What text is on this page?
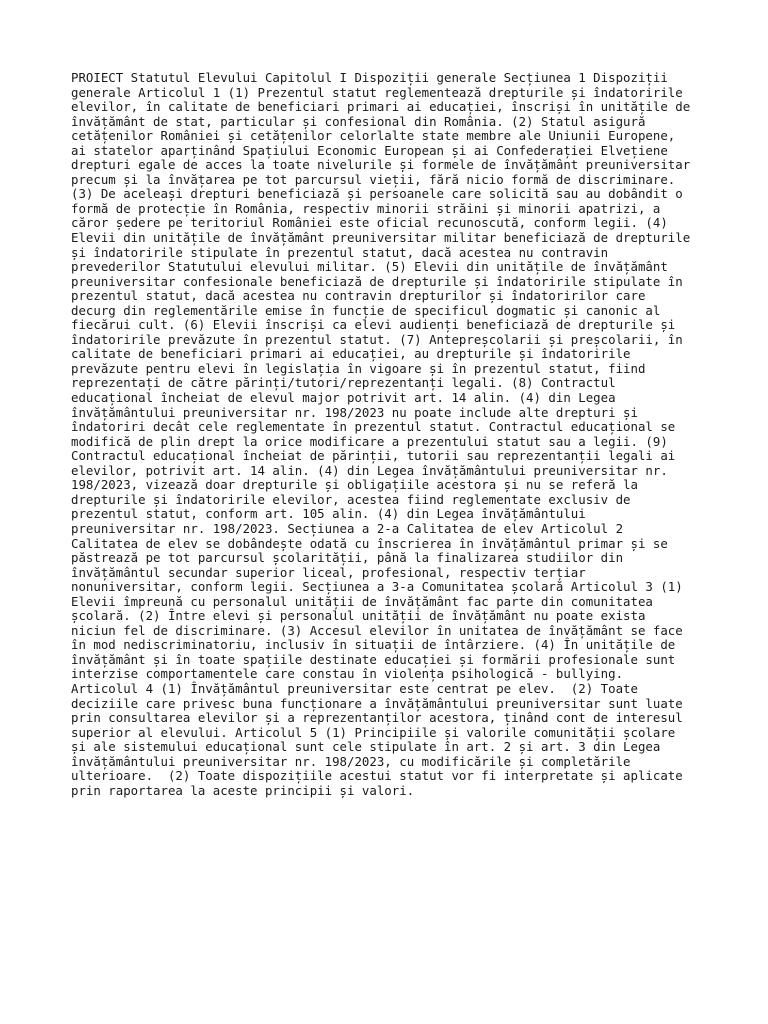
PROIECT Statutul Elevului Capitolul I Dispoziții generale Secțiunea 1 Dispoziții
generale Articolul 1 (1) Prezentul statut reglementează drepturile și îndatoririle
elevilor, în calitate de beneficiari primari ai educației, înscriși în unitățile de
învățământ de stat, particular și confesional din România. (2) Statul asigură
cetățenilor României și cetățenilor celorlalte state membre ale Uniunii Europene,
ai statelor aparținând Spațiului Economic European și ai Confederației Elvețiene
drepturi egale de acces la toate nivelurile și formele de învățământ preuniversitar
precum și la învățarea pe tot parcursul vieții, fără nicio formă de discriminare.
(3) De aceleași drepturi beneficiază și persoanele care solicită sau au dobândit o
formă de protecție în România, respectiv minorii străini și minorii apatrizi, a
căror ședere pe teritoriul României este oficial recunoscută, conform legii. (4)
Elevii din unitățile de învățământ preuniversitar militar beneficiază de drepturile
și îndatoririle stipulate în prezentul statut, dacă acestea nu contravin
prevederilor Statutului elevului militar. (5) Elevii din unitățile de învățământ
preuniversitar confesionale beneficiază de drepturile și îndatoririle stipulate în
prezentul statut, dacă acestea nu contravin drepturilor și îndatoririlor care
decurg din reglementările emise în funcție de specificul dogmatic și canonic al
fiecărui cult. (6) Elevii înscriși ca elevi audienți beneficiază de drepturile și
îndatoririle prevăzute în prezentul statut. (7) Antepreșcolarii și preșcolarii, în
calitate de beneficiari primari ai educației, au drepturile și îndatoririle
prevăzute pentru elevi în legislația în vigoare și în prezentul statut, fiind
reprezentați de către părinți/tutori/reprezentanți legali. (8) Contractul
educațional încheiat de elevul major potrivit art. 14 alin. (4) din Legea
învățământului preuniversitar nr. 198/2023 nu poate include alte drepturi și
îndatoriri decât cele reglementate în prezentul statut. Contractul educațional se
modifică de plin drept la orice modificare a prezentului statut sau a legii. (9)
Contractul educațional încheiat de părinții, tutorii sau reprezentanții legali ai
elevilor, potrivit art. 14 alin. (4) din Legea învățământului preuniversitar nr.
198/2023, vizează doar drepturile și obligațiile acestora și nu se referă la
drepturile și îndatoririle elevilor, acestea fiind reglementate exclusiv de
prezentul statut, conform art. 105 alin. (4) din Legea învățământului
preuniversitar nr. 198/2023. Secțiunea a 2-a Calitatea de elev Articolul 2
Calitatea de elev se dobândește odată cu înscrierea în învățământul primar și se
păstrează pe tot parcursul școlarității, până la finalizarea studiilor din
învățământul secundar superior liceal, profesional, respectiv terțiar
nonuniversitar, conform legii. Secțiunea a 3-a Comunitatea școlară Articolul 3 (1)
Elevii împreună cu personalul unității de învățământ fac parte din comunitatea
școlară. (2) Între elevi și personalul unității de învățământ nu poate exista
niciun fel de discriminare. (3) Accesul elevilor în unitatea de învățământ se face
în mod nediscriminatoriu, inclusiv în situații de întârziere. (4) În unitățile de
învățământ și în toate spațiile destinate educației și formării profesionale sunt
interzise comportamentele care constau în violența psihologică - bullying.
Articolul 4 (1) Învățământul preuniversitar este centrat pe elev.  (2) Toate
deciziile care privesc buna funcționare a învățământului preuniversitar sunt luate
prin consultarea elevilor și a reprezentanților acestora, ținând cont de interesul
superior al elevului. Articolul 5 (1) Principiile și valorile comunității școlare
și ale sistemului educațional sunt cele stipulate în art. 2 și art. 3 din Legea
învățământului preuniversitar nr. 198/2023, cu modificările și completările
ulterioare.  (2) Toate dispozițiile acestui statut vor fi interpretate și aplicate
prin raportarea la aceste principii și valori.
